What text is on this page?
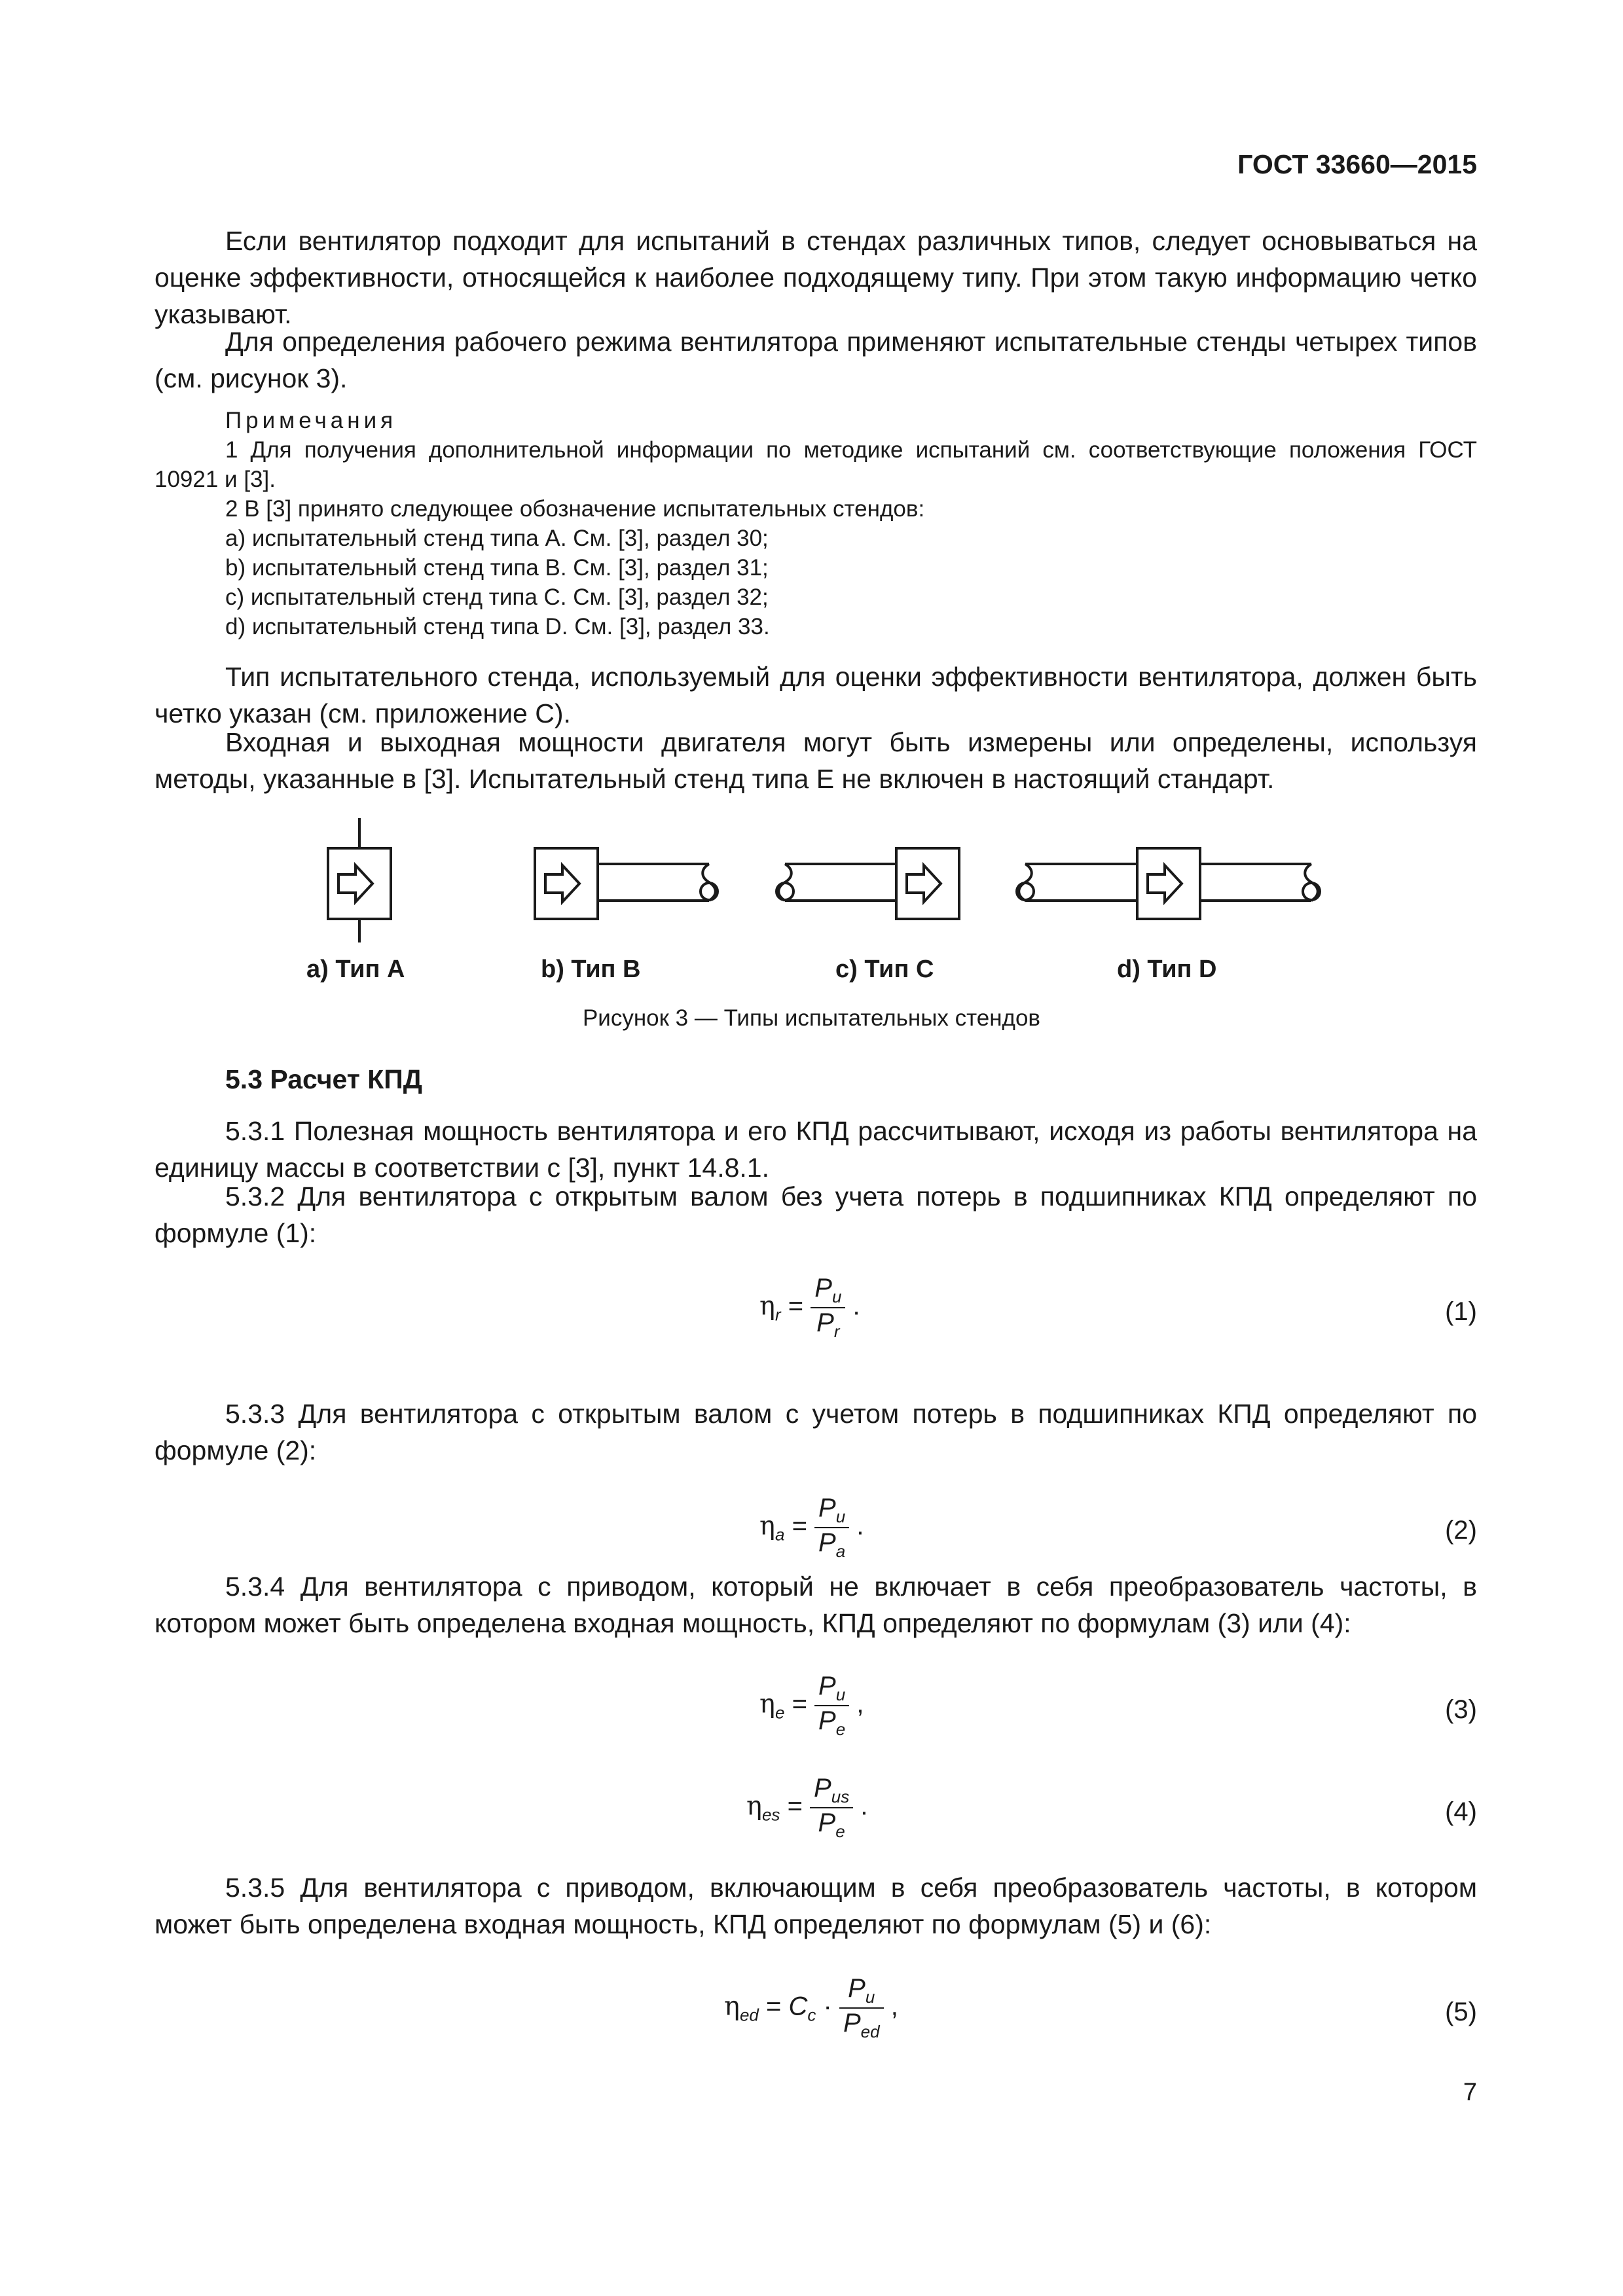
ГОСТ 33660—2015
Если вентилятор подходит для испытаний в стендах различных типов, следует основываться на оценке эффективности, относящейся к наиболее подходящему типу. При этом такую информацию четко указывают.
Для определения рабочего режима вентилятора применяют испытательные стенды четырех типов (см. рисунок 3).
Примечания
1 Для получения дополнительной информации по методике испытаний см. соответствующие положения ГОСТ 10921 и [3].
2 В [3] принято следующее обозначение испытательных стендов:
a) испытательный стенд типа А. См. [3], раздел 30;
b) испытательный стенд типа В. См. [3], раздел 31;
c) испытательный стенд типа С. См. [3], раздел 32;
d) испытательный стенд типа D. См. [3], раздел 33.
Тип испытательного стенда, используемый для оценки эффективности вентилятора, должен быть четко указан (см. приложение С).
Входная и выходная мощности двигателя могут быть измерены или определены, используя методы, указанные в [3]. Испытательный стенд типа Е не включен в настоящий стандарт.
a) Тип А	b) Тип В	c) Тип С	d) Тип D
Рисунок 3 — Типы испытательных стендов
5.3 Расчет КПД
5.3.1 Полезная мощность вентилятора и его КПД рассчитывают, исходя из работы вентилятора на единицу массы в соответствии с [3], пункт 14.8.1.
5.3.2 Для вентилятора с открытым валом без учета потерь в подшипниках КПД определяют по формуле (1):
$\eta_r = \frac{P_u}{P_r}$ .	(1)
5.3.3 Для вентилятора с открытым валом с учетом потерь в подшипниках КПД определяют по формуле (2):
$\eta_a = \frac{P_u}{P_a}$ .	(2)
5.3.4 Для вентилятора с приводом, который не включает в себя преобразователь частоты, в котором может быть определена входная мощность, КПД определяют по формулам (3) или (4):
$\eta_e = \frac{P_u}{P_e}$ ,	(3)
$\eta_{es} = \frac{P_{us}}{P_e}$ .	(4)
5.3.5 Для вентилятора с приводом, включающим в себя преобразователь частоты, в котором может быть определена входная мощность, КПД определяют по формулам (5) и (6):
$\eta_{ed} = C_c \cdot \frac{P_u}{P_{ed}}$ ,	(5)
7
